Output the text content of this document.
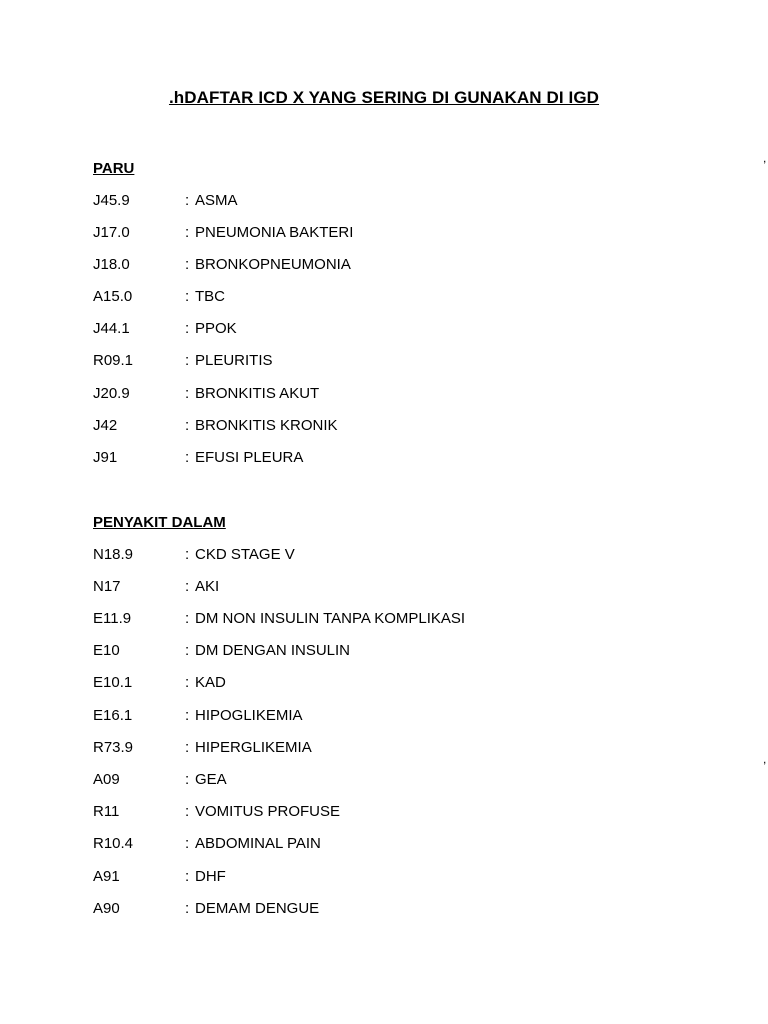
.hDAFTAR ICD X YANG SERING DI GUNAKAN DI IGD
PARU
J45.9	: ASMA
J17.0	: PNEUMONIA BAKTERI
J18.0	: BRONKOPNEUMONIA
A15.0	: TBC
J44.1	: PPOK
R09.1	: PLEURITIS
J20.9	: BRONKITIS AKUT
J42	: BRONKITIS KRONIK
J91	: EFUSI PLEURA
PENYAKIT DALAM
N18.9	: CKD STAGE V
N17	: AKI
E11.9	: DM NON INSULIN TANPA KOMPLIKASI
E10	: DM DENGAN INSULIN
E10.1	: KAD
E16.1	: HIPOGLIKEMIA
R73.9	: HIPERGLIKEMIA
A09	: GEA
R11	: VOMITUS PROFUSE
R10.4	: ABDOMINAL PAIN
A91	: DHF
A90	: DEMAM DENGUE
,
,
